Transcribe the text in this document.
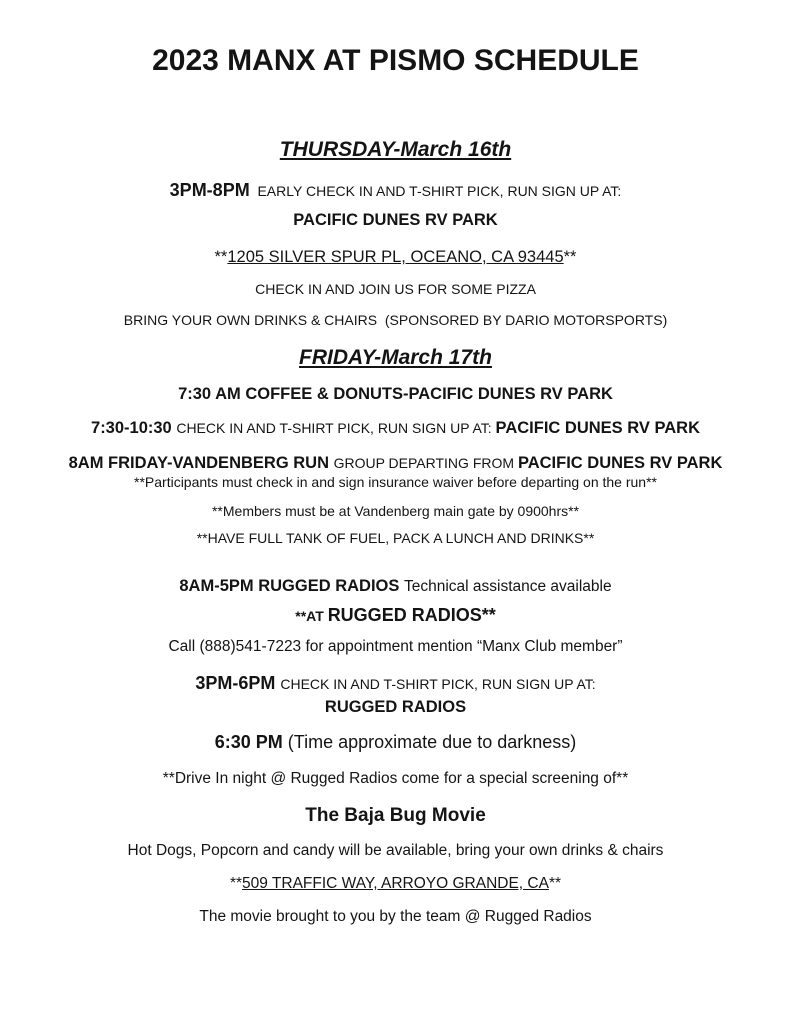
2023 MANX AT PISMO SCHEDULE
THURSDAY-March 16th

3PM-8PM  EARLY CHECK IN AND T-SHIRT PICK, RUN SIGN UP AT:

PACIFIC DUNES RV PARK

**1205 SILVER SPUR PL, OCEANO, CA 93445**

CHECK IN AND JOIN US FOR SOME PIZZA

BRING YOUR OWN DRINKS & CHAIRS  (SPONSORED BY DARIO MOTORSPORTS)

FRIDAY-March 17th

7:30 AM COFFEE & DONUTS-PACIFIC DUNES RV PARK

7:30-10:30 CHECK IN AND T-SHIRT PICK, RUN SIGN UP AT: PACIFIC DUNES RV PARK

8AM FRIDAY-VANDENBERG RUN GROUP DEPARTING FROM PACIFIC DUNES RV PARK

**Participants must check in and sign insurance waiver before departing on the run**

**Members must be at Vandenberg main gate by 0900hrs**

**HAVE FULL TANK OF FUEL, PACK A LUNCH AND DRINKS**

8AM-5PM RUGGED RADIOS Technical assistance available

**AT RUGGED RADIOS**

Call (888)541-7223 for appointment mention “Manx Club member”

3PM-6PM CHECK IN AND T-SHIRT PICK, RUN SIGN UP AT:

RUGGED RADIOS

6:30 PM (Time approximate due to darkness)

**Drive In night @ Rugged Radios come for a special screening of**

The Baja Bug Movie

Hot Dogs, Popcorn and candy will be available, bring your own drinks & chairs

**509 TRAFFIC WAY, ARROYO GRANDE, CA**

The movie brought to you by the team @ Rugged Radios
